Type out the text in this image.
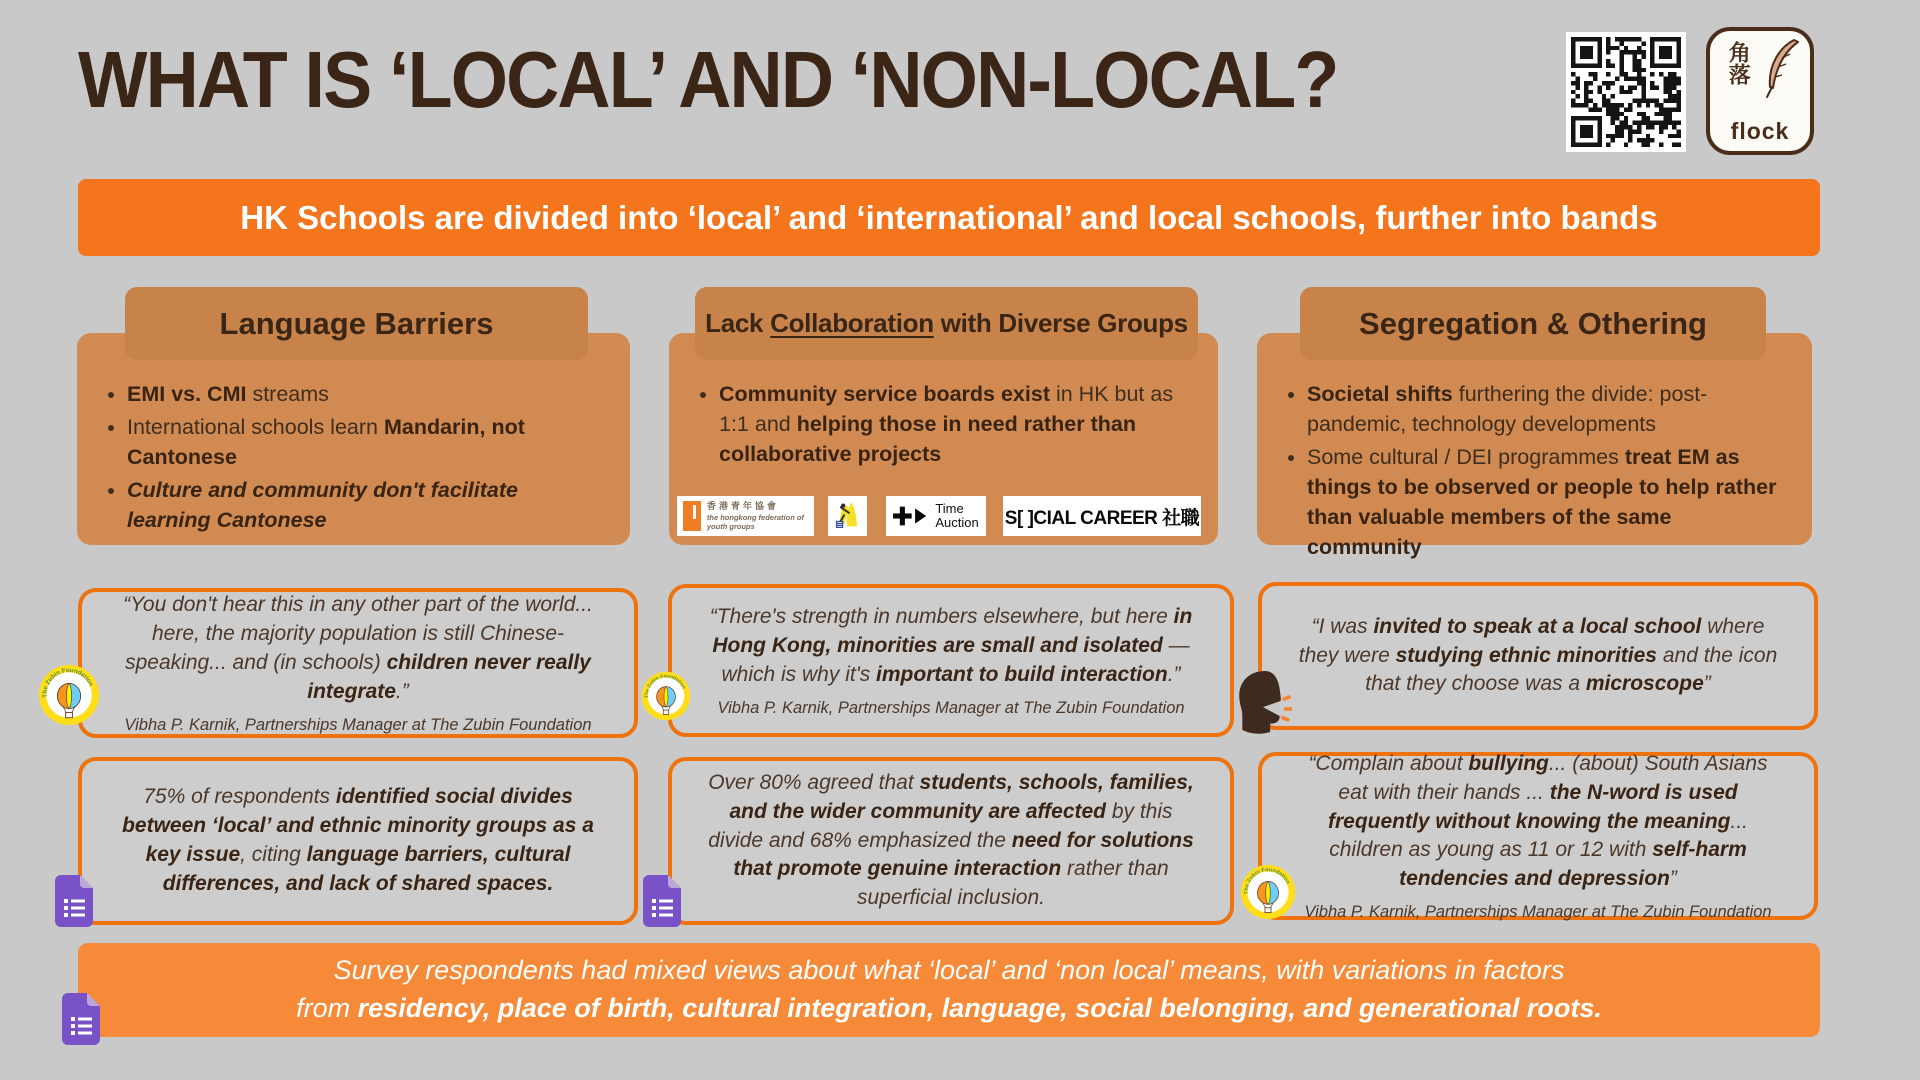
WHAT IS ‘LOCAL’ AND ‘NON-LOCAL?	角落
flock
HK Schools are divided into ‘local’ and ‘international’ and local schools, further into bands
Language Barriers	Lack Collaboration with Diverse Groups	Segregation & Othering
• EMI vs. CMI streams
• International schools learn Mandarin, not Cantonese
• Culture and community don't facilitate learning Cantonese
• Community service boards exist in HK but as 1:1 and helping those in need rather than collaborative projects
• Societal shifts furthering the divide: post-pandemic, technology developments
• Some cultural / DEI programmes treat EM as things to be observed or people to help rather than valuable members of the same community
香港青年協會
the hongkong federation of youth groups
Time
Auction S[ ]CIAL CAREER 社職
“You don't hear this in any other part of the world... here, the majority population is still Chinese-speaking... and (in schools) children never really integrate.”
Vibha P. Karnik, Partnerships Manager at The Zubin Foundation
“There's strength in numbers elsewhere, but here in Hong Kong, minorities are small and isolated — which is why it's important to build interaction.”
Vibha P. Karnik, Partnerships Manager at The Zubin Foundation
“I was invited to speak at a local school where they were studying ethnic minorities and the icon that they choose was a microscope”
75% of respondents identified social divides between ‘local’ and ethnic minority groups as a key issue, citing language barriers, cultural differences, and lack of shared spaces.
Over 80% agreed that students, schools, families, and the wider community are affected by this divide and 68% emphasized the need for solutions that promote genuine interaction rather than superficial inclusion.
“Complain about bullying... (about) South Asians eat with their hands ... the N-word is used frequently without knowing the meaning... children as young as 11 or 12 with self-harm tendencies and depression”
Vibha P. Karnik, Partnerships Manager at The Zubin Foundation
Survey respondents had mixed views about what ‘local’ and ‘non local’ means, with variations in factors
from residency, place of birth, cultural integration, language, social belonging, and generational roots.
